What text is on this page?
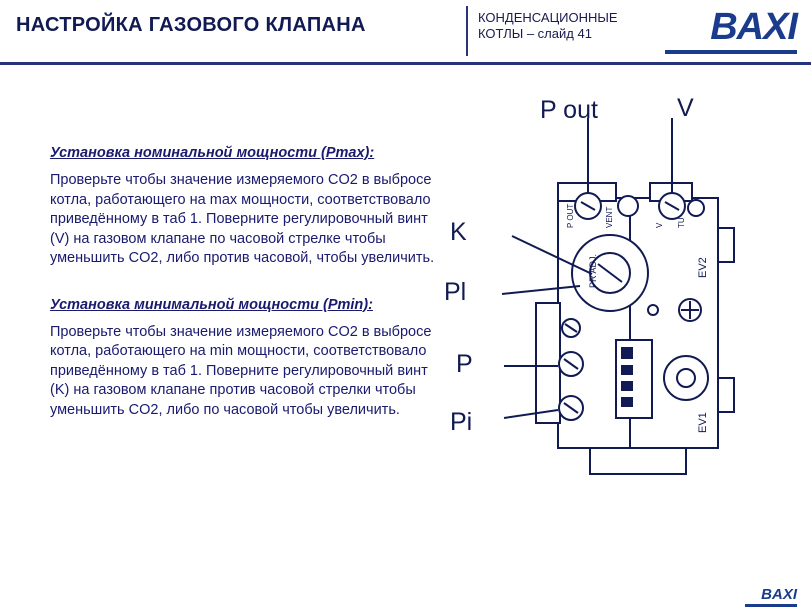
НАСТРОЙКА ГАЗОВОГО КЛАПАНА	КОНДЕНСАЦИОННЫЕ
КОТЛЫ – слайд 41	BAXI
Установка номинальной мощности (Pmax):
Проверьте чтобы значение измеряемого CO2 в выбросе котла, работающего на max мощности, соответствовало приведённому в таб 1. Поверните регулировочный винт (V) на газовом клапане по часовой стрелке чтобы уменьшить CO2, либо против часовой, чтобы увеличить.
Установка минимальной мощности (Pmin):
Проверьте чтобы значение измеряемого CO2 в выбросе котла, работающего на min мощности, соответствовало приведённому в таб 1. Поверните регулировочный винт (K) на газовом клапане против часовой стрелки чтобы уменьшить CO2, либо по часовой чтобы увеличить.
P OUT	VENT	V TU
EV2
EV1
PR ADJ.
P out	V
K
Pl
P
Pi
BAXI
